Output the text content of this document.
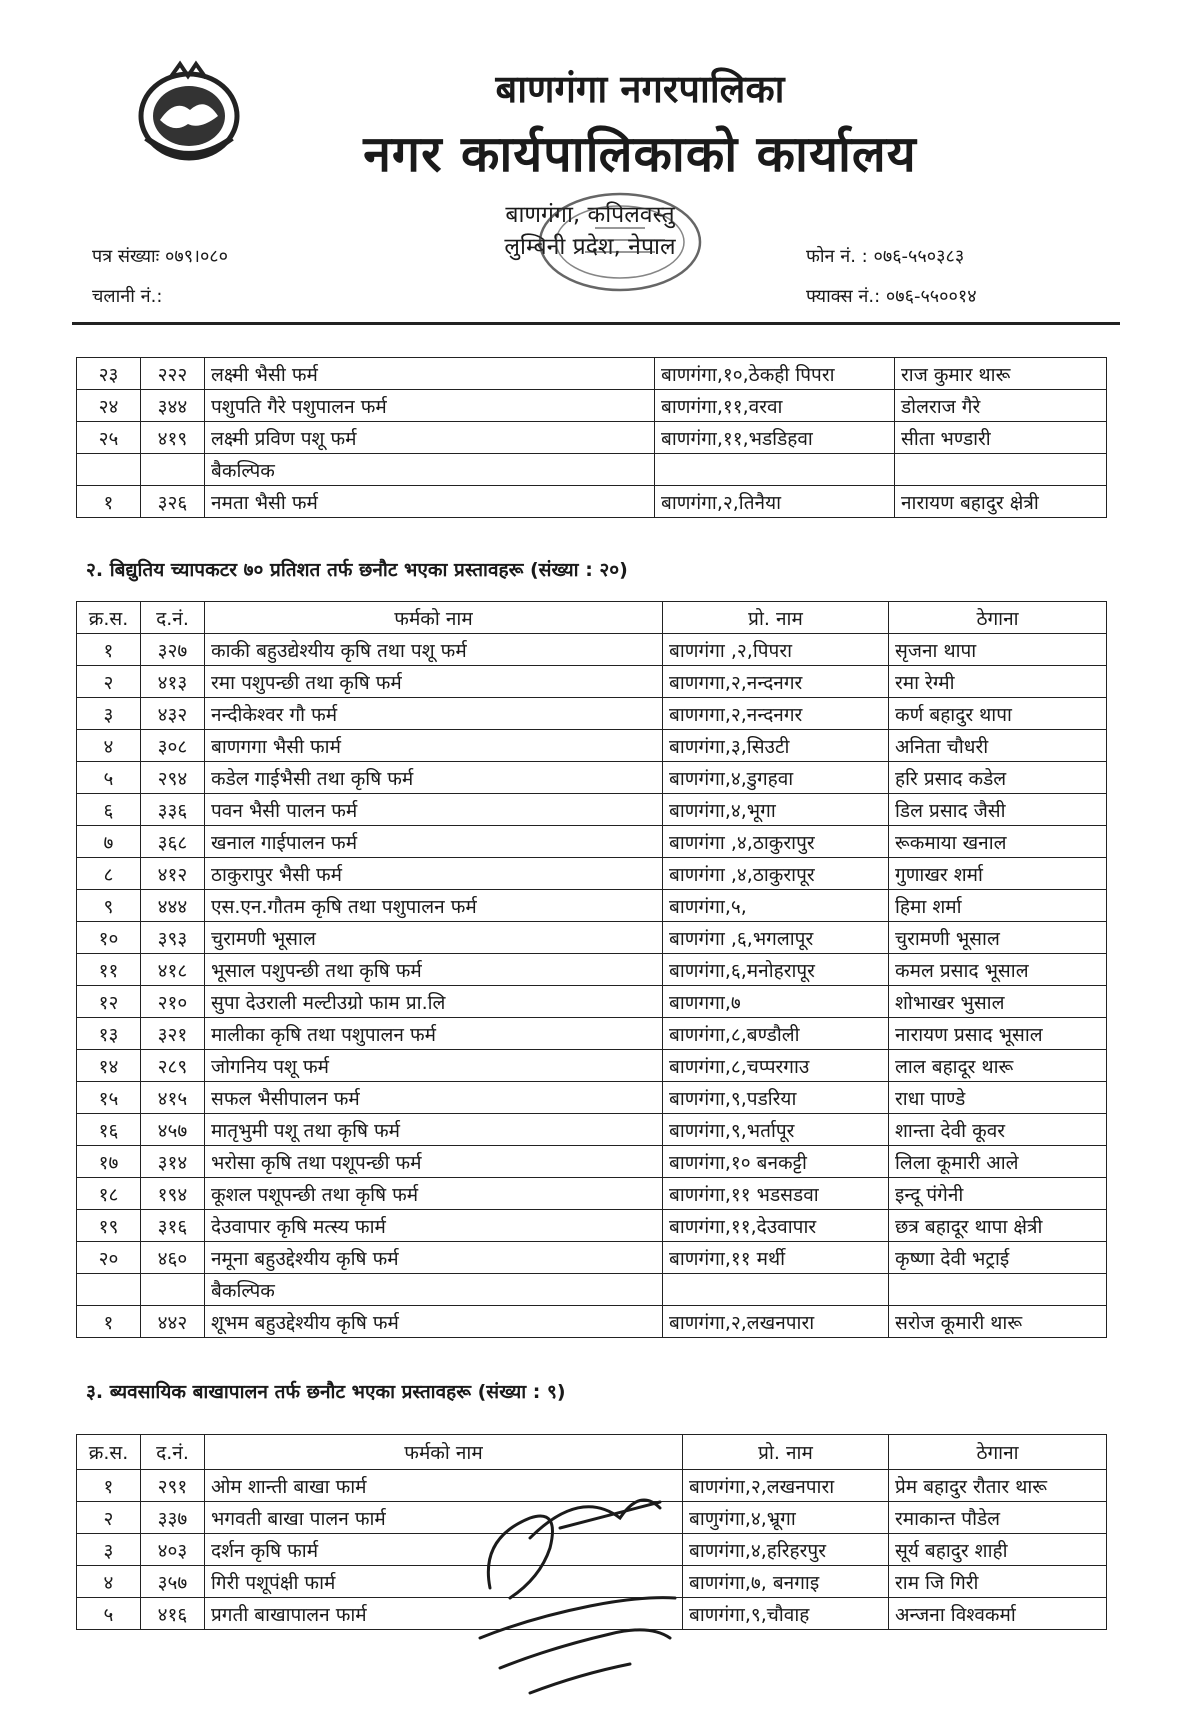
बाणगंगा नगरपालिका
नगर कार्यपालिकाको कार्यालय
बाणगंगा, कपिलवस्तु
लुम्बिनी प्रदेश, नेपाल
पत्र संख्याः ०७९।०८०
चलानी नं.:
फोन नं. : ०७६-५५०३८३
फ्याक्स नं.: ०७६-५५००१४
२३	२२२	लक्ष्मी भैसी फर्म	बाणगंगा,१०,ठेकही पिपरा	राज कुमार थारू
२४	३४४	पशुपति गैरे पशुपालन फर्म	बाणगंगा,११,वरवा	डोलराज गैरे
२५	४१९	लक्ष्मी प्रविण पशू फर्म	बाणगंगा,११,भडडिहवा	सीता भण्डारी
		बैकल्पिक		
१	३२६	नमता भैसी फर्म	बाणगंगा,२,तिनैया	नारायण बहादुर क्षेत्री
२. बिद्युतिय च्यापकटर ७० प्रतिशत तर्फ छनौट भएका प्रस्तावहरू (संख्या : २०)
क्र.स.	द.नं.	फर्मको नाम	प्रो. नाम	ठेगाना
१	३२७	काकी बहुउद्येश्यीय कृषि तथा पशू फर्म	बाणगंगा ,२,पिपरा	सृजना थापा
२	४१३	रमा पशुपन्छी तथा कृषि फर्म	बाणगगा,२,नन्दनगर	रमा रेग्मी
३	४३२	नन्दीकेश्वर गौ फर्म	बाणगगा,२,नन्दनगर	कर्ण बहादुर थापा
४	३०८	बाणगगा भैसी फार्म	बाणगंगा,३,सिउटी	अनिता चौधरी
५	२९४	कडेल गाईभैसी तथा कृषि फर्म	बाणगंगा,४,डुगहवा	हरि प्रसाद कडेल
६	३३६	पवन भैसी पालन फर्म	बाणगंगा,४,भूगा	डिल प्रसाद जैसी
७	३६८	खनाल गाईपालन फर्म	बाणगंगा ,४,ठाकुरापुर	रूकमाया खनाल
८	४१२	ठाकुरापुर भैसी फर्म	बाणगंगा ,४,ठाकुरापूर	गुणाखर शर्मा
९	४४४	एस.एन.गौतम कृषि तथा पशुपालन फर्म	बाणगंगा,५,	हिमा शर्मा
१०	३९३	चुरामणी भूसाल	बाणगंगा ,६,भगलापूर	चुरामणी भूसाल
११	४१८	भूसाल पशुपन्छी तथा कृषि फर्म	बाणगंगा,६,मनोहरापूर	कमल प्रसाद भूसाल
१२	२१०	सुपा देउराली मल्टीउग्रो फाम प्रा.लि	बाणगगा,७	शोभाखर भुसाल
१३	३२१	मालीका कृषि तथा पशुपालन फर्म	बाणगंगा,८,बण्डौली	नारायण प्रसाद भूसाल
१४	२८९	जोगनिय पशू फर्म	बाणगंगा,८,चप्परगाउ	लाल बहादूर थारू
१५	४१५	सफल भैसीपालन फर्म	बाणगंगा,९,पडरिया	राधा पाण्डे
१६	४५७	मातृभुमी पशू तथा कृषि फर्म	बाणगंगा,९,भर्तापूर	शान्ता देवी कूवर
१७	३१४	भरोसा कृषि तथा पशूपन्छी फर्म	बाणगंगा,१० बनकट्टी	लिला कूमारी आले
१८	१९४	कूशल पशूपन्छी तथा कृषि फर्म	बाणगंगा,११ भडसडवा	इन्दू पंगेनी
१९	३१६	देउवापार कृषि मत्स्य फार्म	बाणगंगा,११,देउवापार	छत्र बहादूर थापा क्षेत्री
२०	४६०	नमूना बहुउद्देश्यीय कृषि फर्म	बाणगंगा,११ मर्थी	कृष्णा देवी भट्राई
		बैकल्पिक		
१	४४२	शूभम बहुउद्देश्यीय कृषि फर्म	बाणगंगा,२,लखनपारा	सरोज कूमारी थारू
३. ब्यवसायिक बाखापालन तर्फ छनौट भएका प्रस्तावहरू (संख्या : ९)
क्र.स.	द.नं.	फर्मको नाम	प्रो. नाम	ठेगाना
१	२९१	ओम शान्ती बाखा फार्म	बाणगंगा,२,लखनपारा	प्रेम बहादुर रौतार थारू
२	३३७	भगवती बाखा पालन फार्म	बाणुगंगा,४,भ्रूगा	रमाकान्त पौडेल
३	४०३	दर्शन कृषि फार्म	बाणगंगा,४,हरिहरपुर	सूर्य बहादुर शाही
४	३५७	गिरी पशूपंक्षी फार्म	बाणगंगा,७, बनगाइ	राम जि गिरी
५	४१६	प्रगती बाखापालन फार्म	बाणगंगा,९,चौवाह	अन्जना विश्वकर्मा
